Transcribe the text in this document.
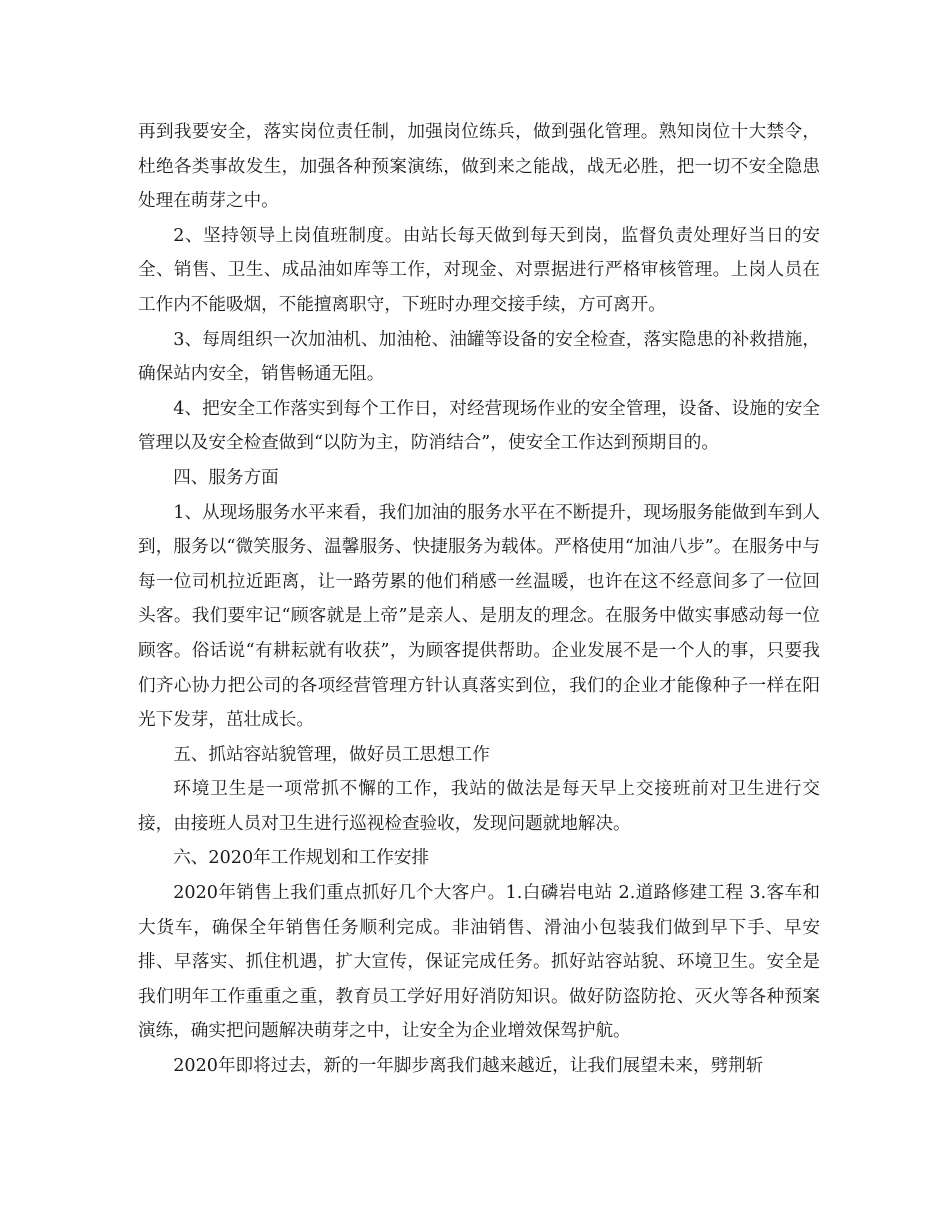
再到我要安全，落实岗位责任制，加强岗位练兵，做到强化管理。熟知岗位十大禁令，杜绝各类事故发生，加强各种预案演练，做到来之能战，战无必胜，把一切不安全隐患处理在萌芽之中。

2、坚持领导上岗值班制度。由站长每天做到每天到岗，监督负责处理好当日的安全、销售、卫生、成品油如库等工作，对现金、对票据进行严格审核管理。上岗人员在工作内不能吸烟，不能擅离职守，下班时办理交接手续，方可离开。

3、每周组织一次加油机、加油枪、油罐等设备的安全检查，落实隐患的补救措施，确保站内安全，销售畅通无阻。

4、把安全工作落实到每个工作日，对经营现场作业的安全管理，设备、设施的安全管理以及安全检查做到“以防为主，防消结合”，使安全工作达到预期目的。

四、服务方面

1、从现场服务水平来看，我们加油的服务水平在不断提升，现场服务能做到车到人到，服务以“微笑服务、温馨服务、快捷服务为载体。严格使用“加油八步”。在服务中与每一位司机拉近距离，让一路劳累的他们稍感一丝温暖，也许在这不经意间多了一位回头客。我们要牢记“顾客就是上帝”是亲人、是朋友的理念。在服务中做实事感动每一位顾客。俗话说“有耕耘就有收获”，为顾客提供帮助。企业发展不是一个人的事，只要我们齐心协力把公司的各项经营管理方针认真落实到位，我们的企业才能像种子一样在阳光下发芽，茁壮成长。

五、抓站容站貌管理，做好员工思想工作

环境卫生是一项常抓不懈的工作，我站的做法是每天早上交接班前对卫生进行交接，由接班人员对卫生进行巡视检查验收，发现问题就地解决。

六、2020年工作规划和工作安排

2020年销售上我们重点抓好几个大客户。1.白磷岩电站 2.道路修建工程 3.客车和大货车，确保全年销售任务顺利完成。非油销售、滑油小包装我们做到早下手、早安排、早落实、抓住机遇，扩大宣传，保证完成任务。抓好站容站貌、环境卫生。安全是我们明年工作重重之重，教育员工学好用好消防知识。做好防盗防抢、灭火等各种预案演练，确实把问题解决萌芽之中，让安全为企业增效保驾护航。

2020年即将过去，新的一年脚步离我们越来越近，让我们展望未来，劈荆斩
